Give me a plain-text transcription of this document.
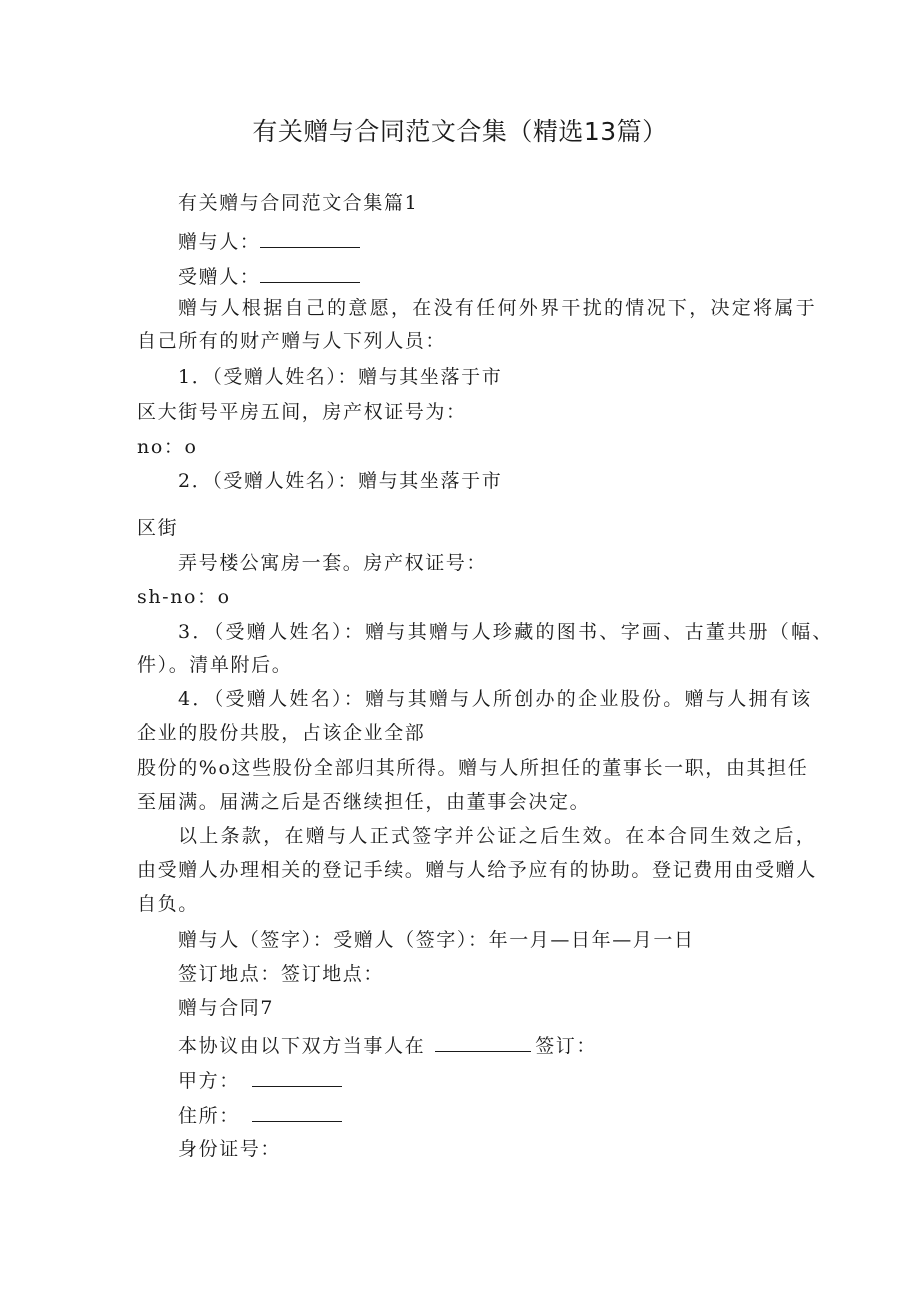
有关赠与合同范文合集（精选13篇）
有关赠与合同范文合集篇1
赠与人：
受赠人：
赠与人根据自己的意愿，在没有任何外界干扰的情况下，决定将属于
自己所有的财产赠与人下列人员：
1．（受赠人姓名）：赠与其坐落于市
区大街号平房五间，房产权证号为：
no：o
2．（受赠人姓名）：赠与其坐落于市
区街
弄号楼公寓房一套。房产权证号：
sh-no：o
3．（受赠人姓名）：赠与其赠与人珍藏的图书、字画、古董共册（幅、
件）。清单附后。
4．（受赠人姓名）：赠与其赠与人所创办的企业股份。赠与人拥有该
企业的股份共股，占该企业全部
股份的%o这些股份全部归其所得。赠与人所担任的董事长一职，由其担任
至届满。届满之后是否继续担任，由董事会决定。
以上条款，在赠与人正式签字并公证之后生效。在本合同生效之后，
由受赠人办理相关的登记手续。赠与人给予应有的协助。登记费用由受赠人
自负。
赠与人（签字）：受赠人（签字）：年一月—日年—月一日
签订地点：签订地点：
赠与合同7
本协议由以下双方当事人在	签订：
甲方：
住所：
身份证号：
